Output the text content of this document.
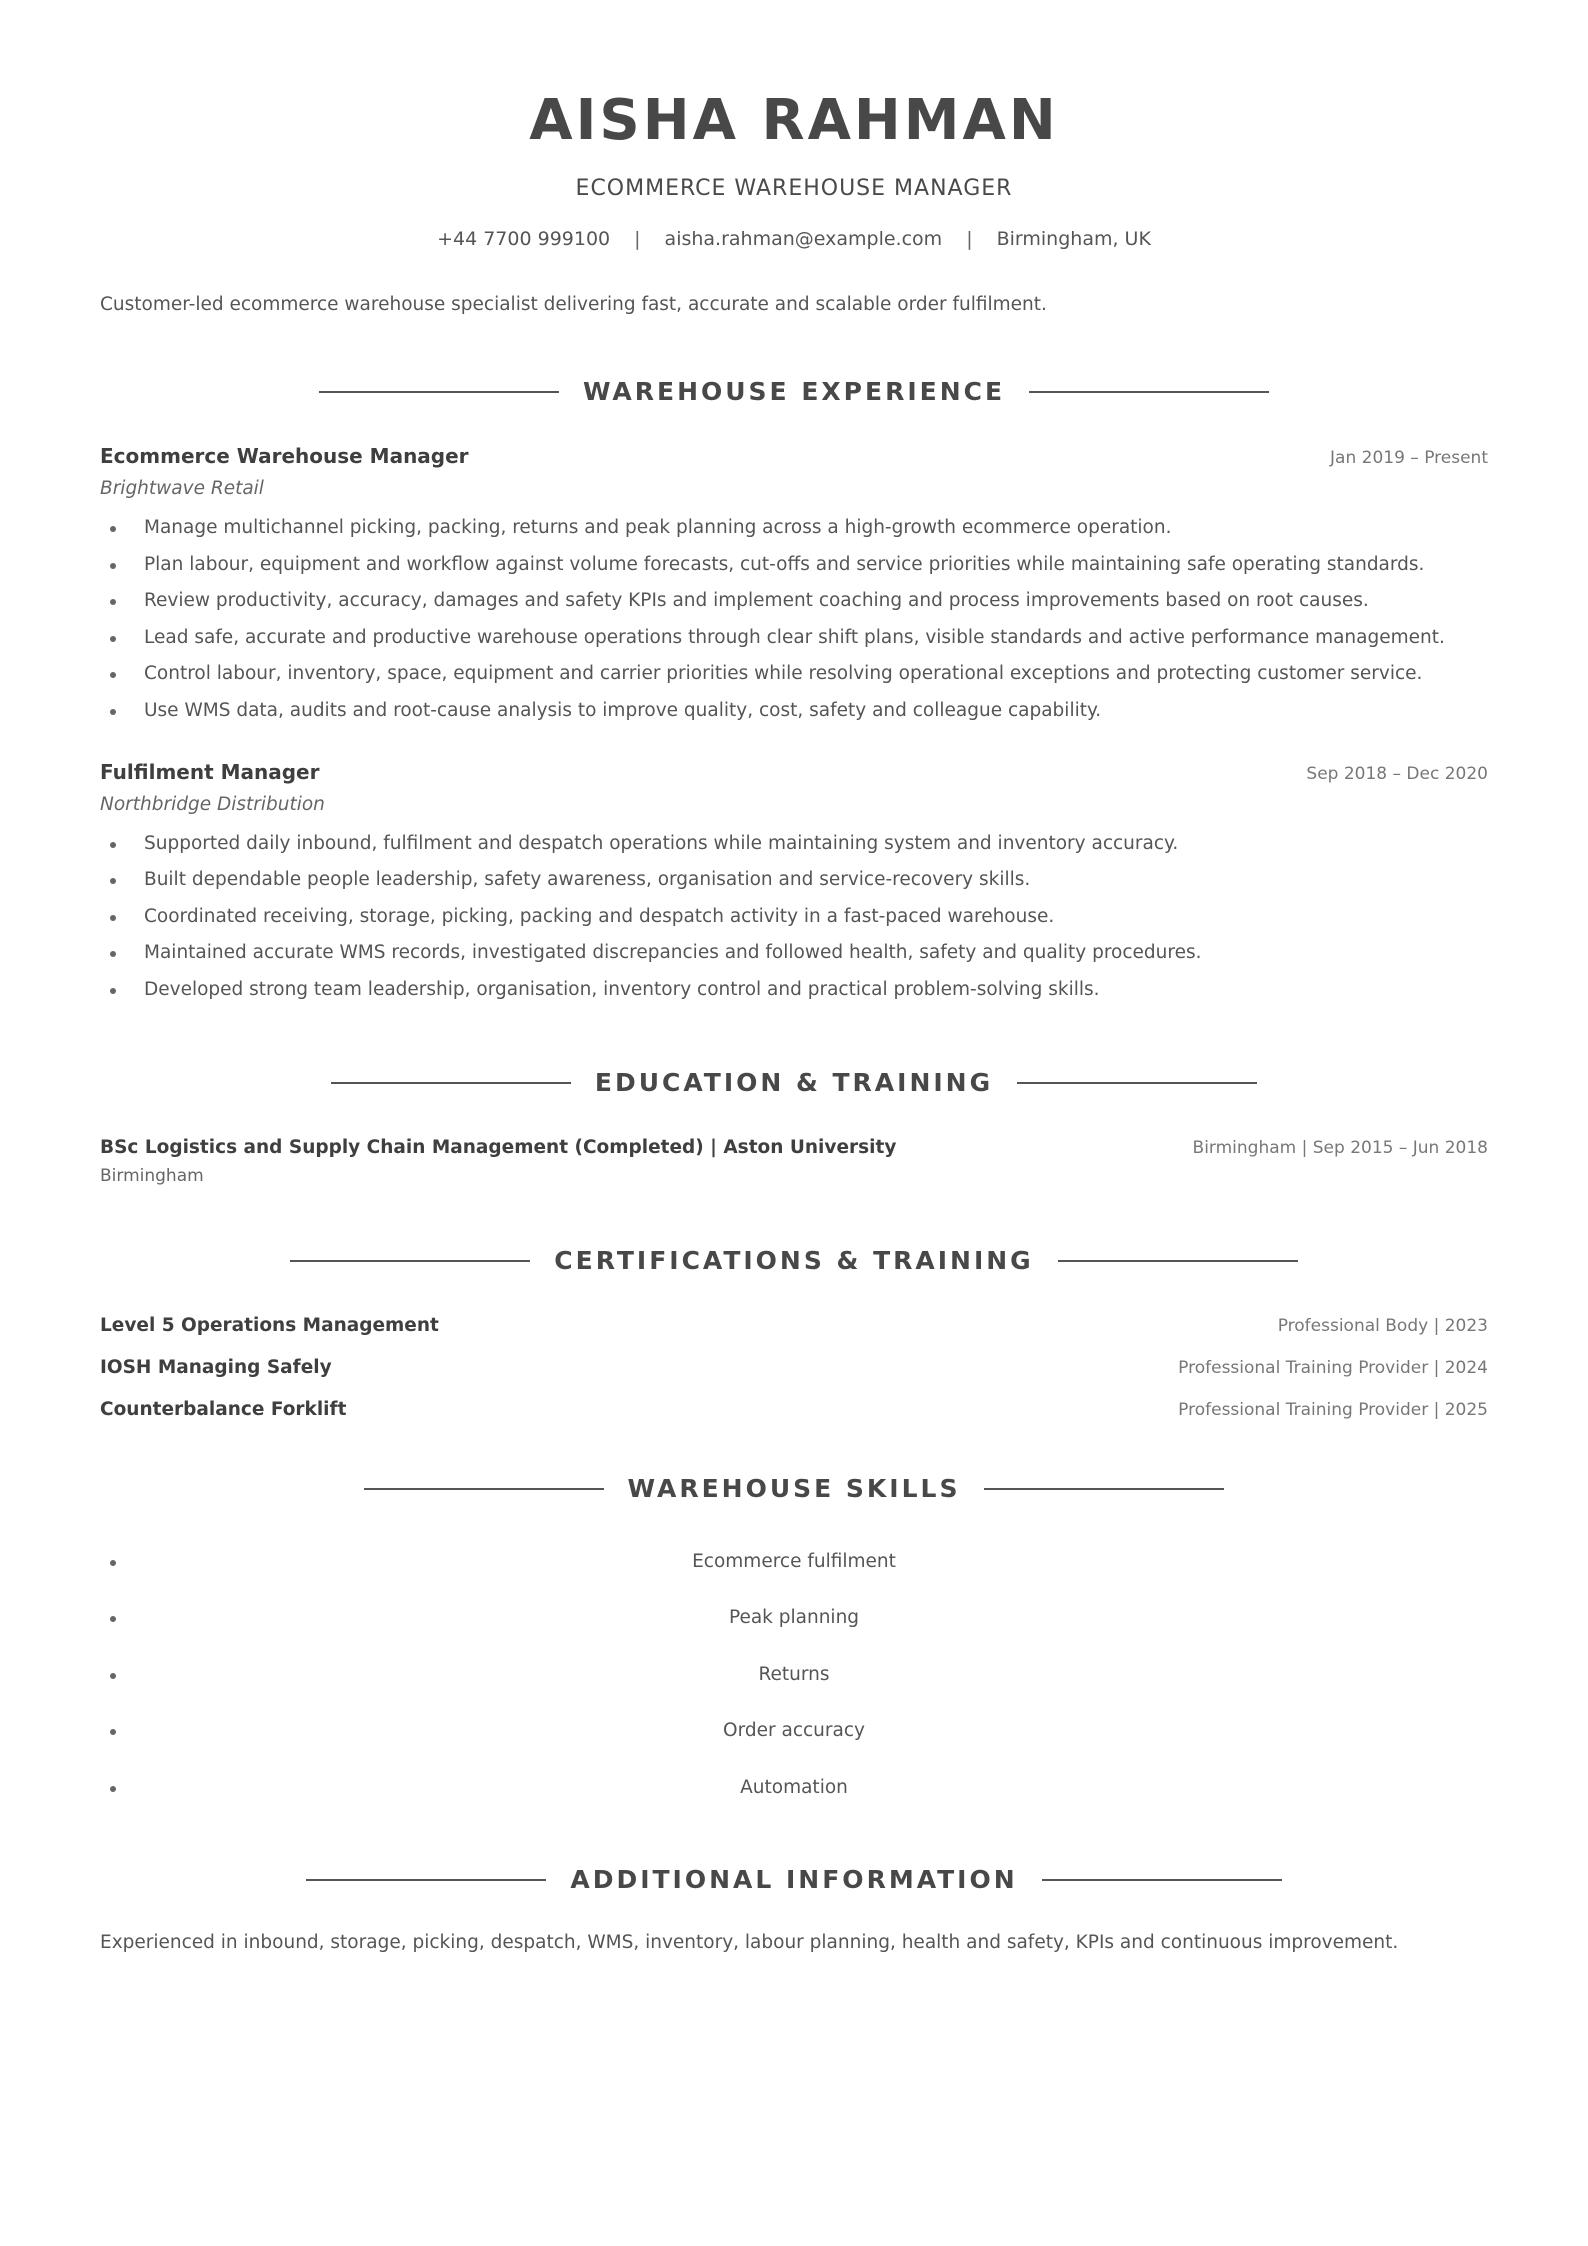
AISHA RAHMAN
ECOMMERCE WAREHOUSE MANAGER
+44 7700 999100 | aisha.rahman@example.com | Birmingham, UK
Customer-led ecommerce warehouse specialist delivering fast, accurate and scalable order fulfilment.
WAREHOUSE EXPERIENCE
Ecommerce Warehouse Manager	Jan 2019 – Present
Brightwave Retail
Manage multichannel picking, packing, returns and peak planning across a high-growth ecommerce operation.
Plan labour, equipment and workflow against volume forecasts, cut-offs and service priorities while maintaining safe operating standards.
Review productivity, accuracy, damages and safety KPIs and implement coaching and process improvements based on root causes.
Lead safe, accurate and productive warehouse operations through clear shift plans, visible standards and active performance management.
Control labour, inventory, space, equipment and carrier priorities while resolving operational exceptions and protecting customer service.
Use WMS data, audits and root-cause analysis to improve quality, cost, safety and colleague capability.
Fulfilment Manager	Sep 2018 – Dec 2020
Northbridge Distribution
Supported daily inbound, fulfilment and despatch operations while maintaining system and inventory accuracy.
Built dependable people leadership, safety awareness, organisation and service-recovery skills.
Coordinated receiving, storage, picking, packing and despatch activity in a fast-paced warehouse.
Maintained accurate WMS records, investigated discrepancies and followed health, safety and quality procedures.
Developed strong team leadership, organisation, inventory control and practical problem-solving skills.
EDUCATION & TRAINING
BSc Logistics and Supply Chain Management (Completed) | Aston University	Birmingham | Sep 2015 – Jun 2018
Birmingham
CERTIFICATIONS & TRAINING
Level 5 Operations Management	Professional Body | 2023
IOSH Managing Safely	Professional Training Provider | 2024
Counterbalance Forklift	Professional Training Provider | 2025
WAREHOUSE SKILLS
Ecommerce fulfilment
Peak planning
Returns
Order accuracy
Automation
ADDITIONAL INFORMATION
Experienced in inbound, storage, picking, despatch, WMS, inventory, labour planning, health and safety, KPIs and continuous improvement.
